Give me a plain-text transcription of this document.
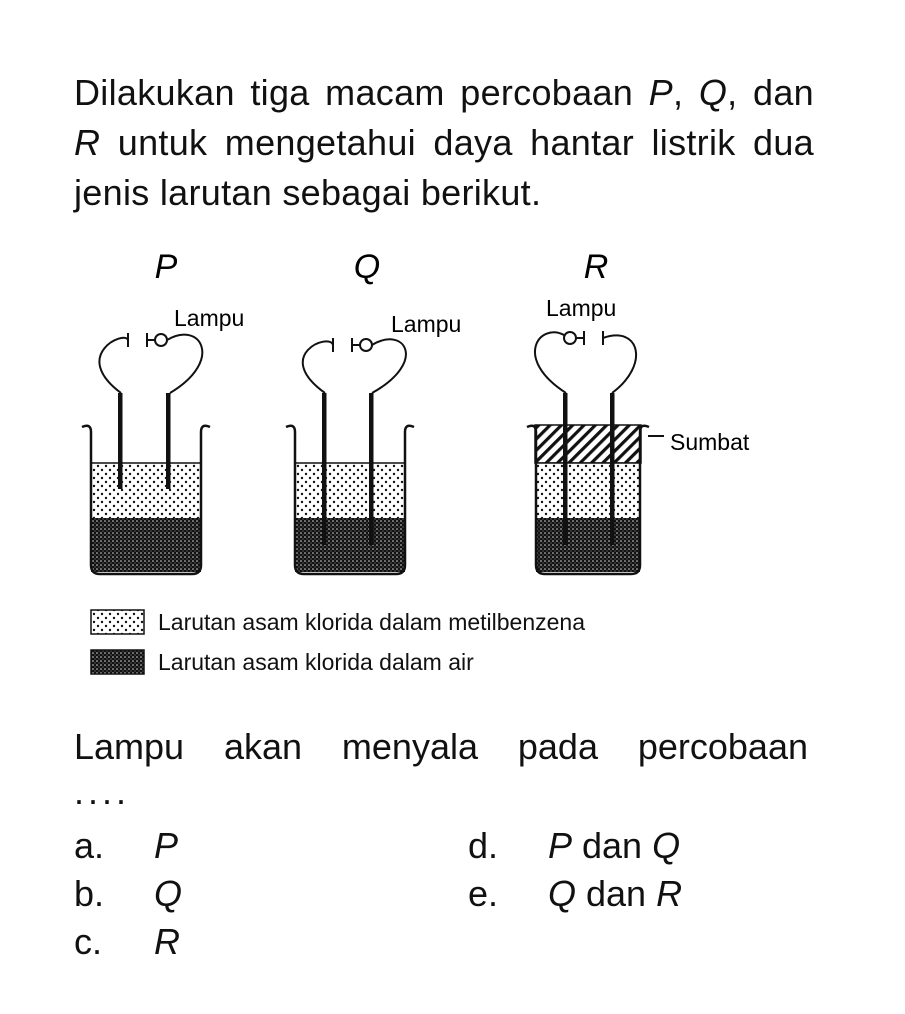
Dilakukan tiga macam percobaan P, Q, dan R untuk mengetahui daya hantar listrik dua jenis larutan sebagai berikut.
P	Q	R
Lampu	Lampu
Lampu
Sumbat
Larutan asam klorida dalam metilbenzena
Larutan asam klorida dalam air
Lampu akan menyala pada percobaan
....
a. P
b. Q
c. R
d. P dan Q
e. Q dan R
